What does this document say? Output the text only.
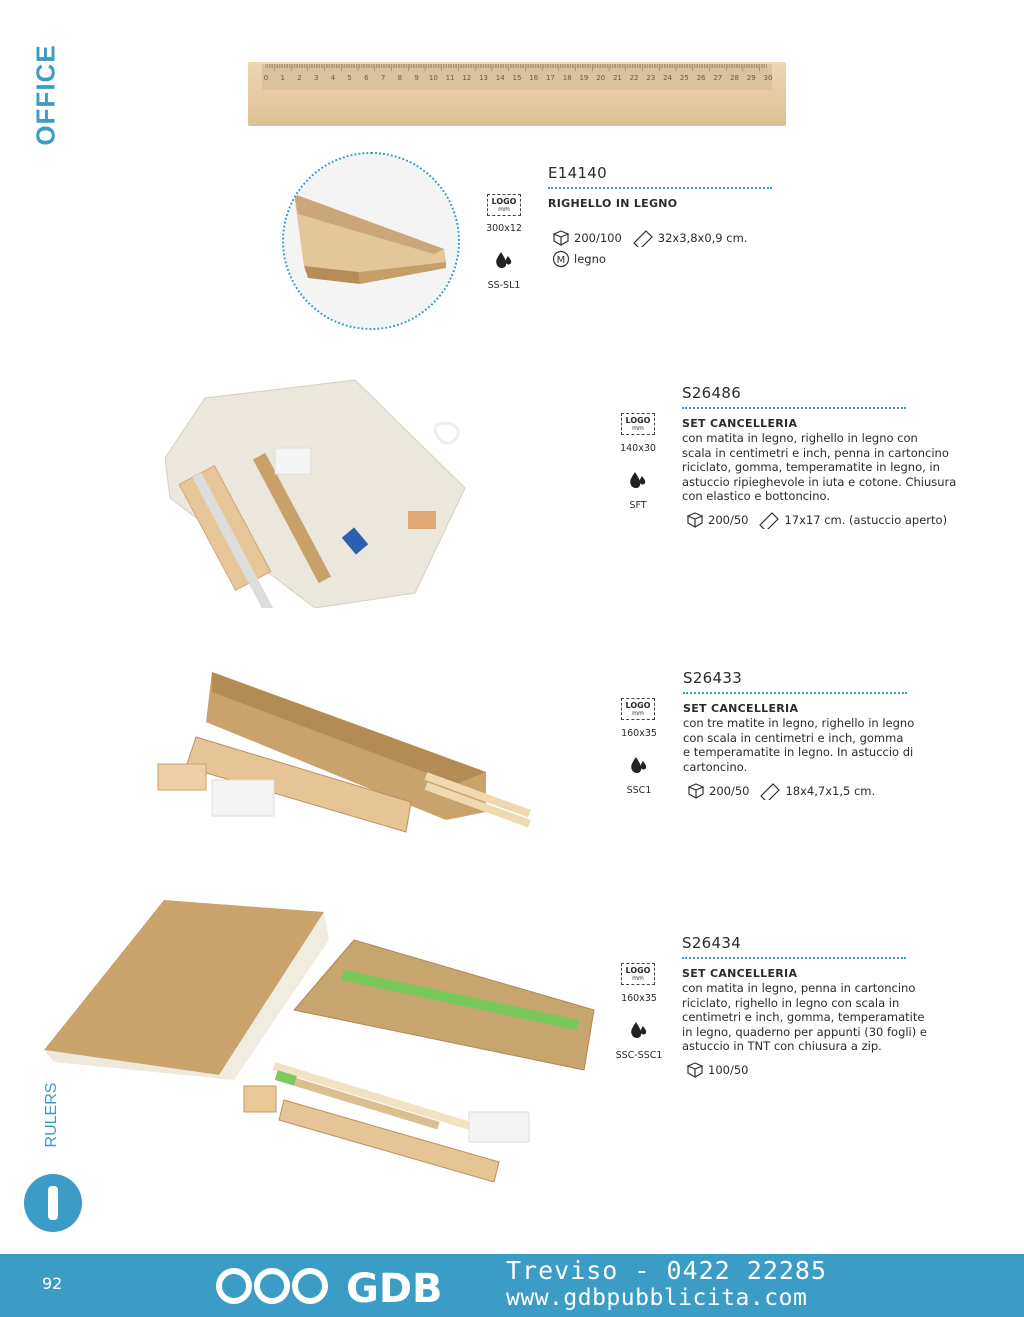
OFFICE
RULERS
0 1 2 3 4 5 6 7 8 9 10 11 12 13 14 15 16 17 18 19 20 21 22 23 24 25 26 27 28 29 30
E14140
RIGHELLO IN LEGNO
200/100	32x3,8x0,9 cm.
M legno
LOGO
mm
300x12
SS-SL1
S26486
SET CANCELLERIA
con matita in legno, righello in legno con
scala in centimetri e inch, penna in cartoncino
riciclato, gomma, temperamatite in legno, in
astuccio ripieghevole in iuta e cotone. Chiusura
con elastico e bottoncino.
200/50	17x17 cm. (astuccio aperto)
LOGO
mm
140x30
SFT
S26433
SET CANCELLERIA
con tre matite in legno, righello in legno
con scala in centimetri e inch, gomma
e temperamatite in legno. In astuccio di
cartoncino.
200/50	18x4,7x1,5 cm.
LOGO
mm
160x35
SSC1
S26434
SET CANCELLERIA
con matita in legno, penna in cartoncino
riciclato, righello in legno con scala in
centimetri e inch, gomma, temperamatite
in legno, quaderno per appunti (30 fogli) e
astuccio in TNT con chiusura a zip.
100/50
LOGO
mm
160x35
SSC-SSC1
92	GDB	Treviso - 0422 22285
www.gdbpubblicita.com
